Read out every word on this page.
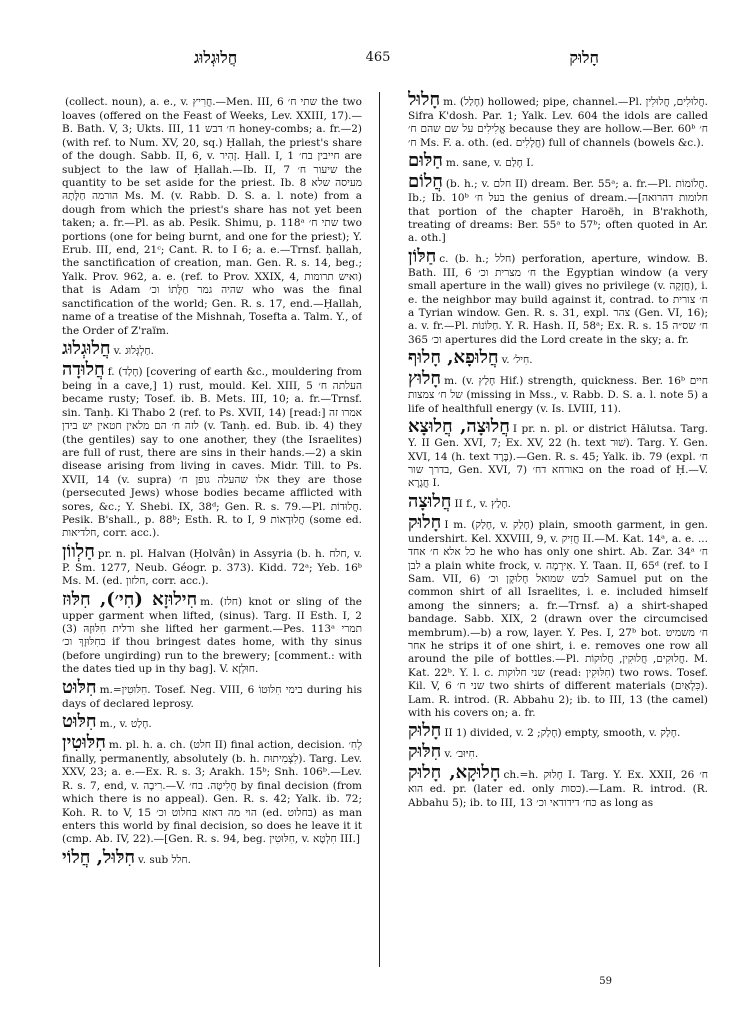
חֲלוּגְלוּג	465	חָלוּק

(collect. noun), a. e., v. חֲרִיץ.—Men. III, 6 שתי ח׳ the two loaves (offered on the Feast of Weeks, Lev. XXIII, 17).—B. Bath. V, 3; Ukts. III, 11 ח׳ דבש honey-combs; a. fr.—2) (with ref. to Num. XV, 20, sq.) Ḥallah, the priest's share of the dough. Sabb. II, 6, v. זָהִיר. Ḥall. I, 1 חייבין בח׳ are subject to the law of Ḥallah.—Ib. II, 7 שיעור ח׳ the quantity to be set aside for the priest. Ib. 8 מעיסה שלא הורמה חַלָּתָהּ Ms. M. (v. Rabb. D. S. a. l. note) from a dough from which the priest's share has not yet been taken; a. fr.—Pl. as ab. Pesik. Shimu, p. 118ᵃ שתי ח׳ two portions (one for being burnt, and one for the priest); Y. Erub. III, end, 21ᶜ; Cant. R. to I 6; a. e.—Trnsf. ḥallah, the sanctification of creation, man. Gen. R. s. 14, beg.; Yalk. Prov. 962, a. e. (ref. to Prov. XXIX, 4, ואיש תרומות) that is Adam שהיה גמר חַלָּתוֹ וכ׳ who was the final sanctification of the world; Gen. R. s. 17, end.—Ḥallah, name of a treatise of the Mishnah, Tosefta a. Talm. Y., of the Order of Z'raïm.

חֲלוּגְלוּג v. חַלְגְּלוּג.

חֲלוּדָה f. (חָלַד) [covering of earth &c., mouldering from being in a cave,] 1) rust, mould. Kel. XIII, 5 העלתה ח׳ became rusty; Tosef. ib. B. Mets. III, 10; a. fr.—Trnsf. sin. Tanḥ. Ki Thabo 2 (ref. to Ps. XVII, 14) [read:] אמרו זה לזה ח׳ הם מלאין חטאין יש בידן (v. Tanḥ. ed. Bub. ib. 4) they (the gentiles) say to one another, they (the Israelites) are full of rust, there are sins in their hands.—2) a skin disease arising from living in caves. Midr. Till. to Ps. XVII, 14 (v. supra) אלו שהעלה גופן ח׳ they are those (persecuted Jews) whose bodies became afflicted with sores, &c.; Y. Shebi. IX, 38ᵈ; Gen. R. s. 79.—Pl. חֲלוּדוֹת. Pesik. B'shall., p. 88ᵇ; Esth. R. to I, 9 חֲלוּדָאוֹת (some ed. חלדיאות, corr. acc.).

חַלְווֹן pr. n. pl. Halvan (Ḥolvân) in Assyria (b. h. חלח, v. P. Sm. 1277, Neub. Géogr. p. 373). Kidd. 72ᵃ; Yeb. 16ᵇ Ms. M. (ed. חלזון, corr. acc.).

חִילוּזָא (חִי׳), חִלּוּז m. (חלז) knot or sling of the upper garment when lifted, (sinus). Targ. II Esth. I, 2 (3) ודלית חִלּוּזָהּ she lifted her garment.—Pes. 113ᵃ תמרי בחִלּוּזָךְ וכ׳ if thou bringest dates home, with thy sinus (before ungirding) run to the brewery; [comment.: with the dates tied up in thy bag]. V. חוּלְזָא.

חִלּוּט m.=חִלּוּטִין. Tosef. Neg. VIII, 6 בימי חִלּוּטוֹ during his days of declared leprosy.

חִלּוּט m., v. חָלַט.

חִלּוּטִין m. pl. h. a. ch. (חלט II) final action, decision. לְחִ׳ finally, permanently, absolutely (b. h. לִצְמִיתוּת). Targ. Lev. XXV, 23; a. e.—Ex. R. s. 3; Arakh. 15ᵇ; Snh. 106ᵇ.—Lev. R. s. 7, end, v. רִיבָה.—V. חֲלִיטָה. בח׳ by final decision (from which there is no appeal). Gen. R. s. 42; Yalk. ib. 72; Koh. R. to V, 15 הוי מה דאזא בחלוט וכ׳ (ed. בחלוט) as man enters this world by final decision, so does he leave it it (cmp. Ab. IV, 22).—[Gen. R. s. 94, beg. חִלּוּטִין, v. חִלְטָא III.]

חִלּוּל, חֲלוֹי v. sub חלל.

חָלוּל m. (חָלַל) hollowed; pipe, channel.—Pl. חֲלוּלִים, חֲלוּלִין. Sifra K'dosh. Par. 1; Yalk. Lev. 604 the idols are called אֱלִילִים על שם שהם ח׳ because they are hollow.—Ber. 60ᵇ ח׳ ח׳ Ms. F. a. oth. (ed. חֲלָלִים) full of channels (bowels &c.).

חַלּוּם m. sane, v. חָלַם I.

חֲלוֹם (b. h.; v. חלם II) dream. Ber. 55ᵃ; a. fr.—Pl. חֲלוֹמוֹת. Ib.; Ib. 10ᵇ בעל ח׳ the genius of dream.—[חלומות דהרואה that portion of the chapter Haroëh, in B'rakhoth, treating of dreams: Ber. 55ᵃ to 57ᵇ; often quoted in Ar. a. oth.]

חַלּוֹן c. (b. h.; חלל) perforation, aperture, window. B. Bath. III, 6 ח׳ מצרית וכ׳ the Egyptian window (a very small aperture in the wall) gives no privilege (v. חֲזָקָה), i. e. the neighbor may build against it, contrad. to ח׳ צורית a Tyrian window. Gen. R. s. 31, expl. צהר (Gen. VI, 16); a. v. fr.—Pl. חַלּוֹנוֹת. Y. R. Hash. II, 58ᵃ; Ex. R. s. 15 ח׳ שס״ה וכ׳ 365 apertures did the Lord create in the sky; a. fr.

חֲלוּפָא, חָלוּף v. חִיל׳.

חָלוּץ m. (v. חָלַץ Hif.) strength, quickness. Ber. 16ᵇ חיים של ח׳ צמצות (missing in Mss., v. Rabb. D. S. a. l. note 5) a life of healthfull energy (v. Is. LVIII, 11).

חֲלוּצָה, חֲלוּצָא I pr. n. pl. or district Hălutsa. Targ. Y. II Gen. XVI, 7; Ex. XV, 22 (h. text שׁוּר). Targ. Y. Gen. XVI, 14 (h. text בֶּרֶד).—Gen. R. s. 45; Yalk. ib. 79 (expl. ח׳ בדרך שור, Gen. XVI, 7) באורחא דח׳ on the road of Ḥ.—V. חֲגָרָא I.

חֲלוּצָה II f., v. חָלַץ.

חָלוּק I m. (חָלַק, v. חָלַק) plain, smooth garment, in gen. undershirt. Kel. XXVIII, 9, v. חֲזִיק II.—M. Kat. 14ᵃ, a. e. ... כל אלא ח׳ אחד he who has only one shirt. Ab. Zar. 34ᵃ ח׳ לבן a plain white frock, v. אִירָמָה. Y. Taan. II, 65ᵈ (ref. to I Sam. VII, 6) לבש שמואל חָלוּקָן וכ׳ Samuel put on the common shirt of all Israelites, i. e. included himself among the sinners; a. fr.—Trnsf. a) a shirt-shaped bandage. Sabb. XIX, 2 (drawn over the circumcised membrum).—b) a row, layer. Y. Pes. I, 27ᵇ bot. ח׳ משמיט אחר he strips it of one shirt, i. e. removes one row all around the pile of bottles.—Pl. חֲלוּקִים, חֲלוּקִין, חֲלוּקוֹת. M. Kat. 22ᵇ. Y. l. c. שני חלוקות (read: חִלּוּקִין) two rows. Tosef. Kil. V, 6 שני ח׳ two shirts of different materials (כִּלְאַיִם). Lam. R. introd. (R. Abbahu 2); ib. to III, 13 (the camel) with his covers on; a. fr.

חָלוּק II 1) divided, v. חָלַק; 2) empty, smooth, v. חָלַק.

חִלּוּק v. חִיּוּב׳.

חָלוּקָא, חָלוּק ch.=h. חָלוּק I. Targ. Y. Ex. XXII, 26 ח׳ הוא ed. pr. (later ed. only כסות).—Lam. R. introd. (R. Abbahu 5); ib. to III, 13 כח׳ דידודאי וכ׳ as long as

59
